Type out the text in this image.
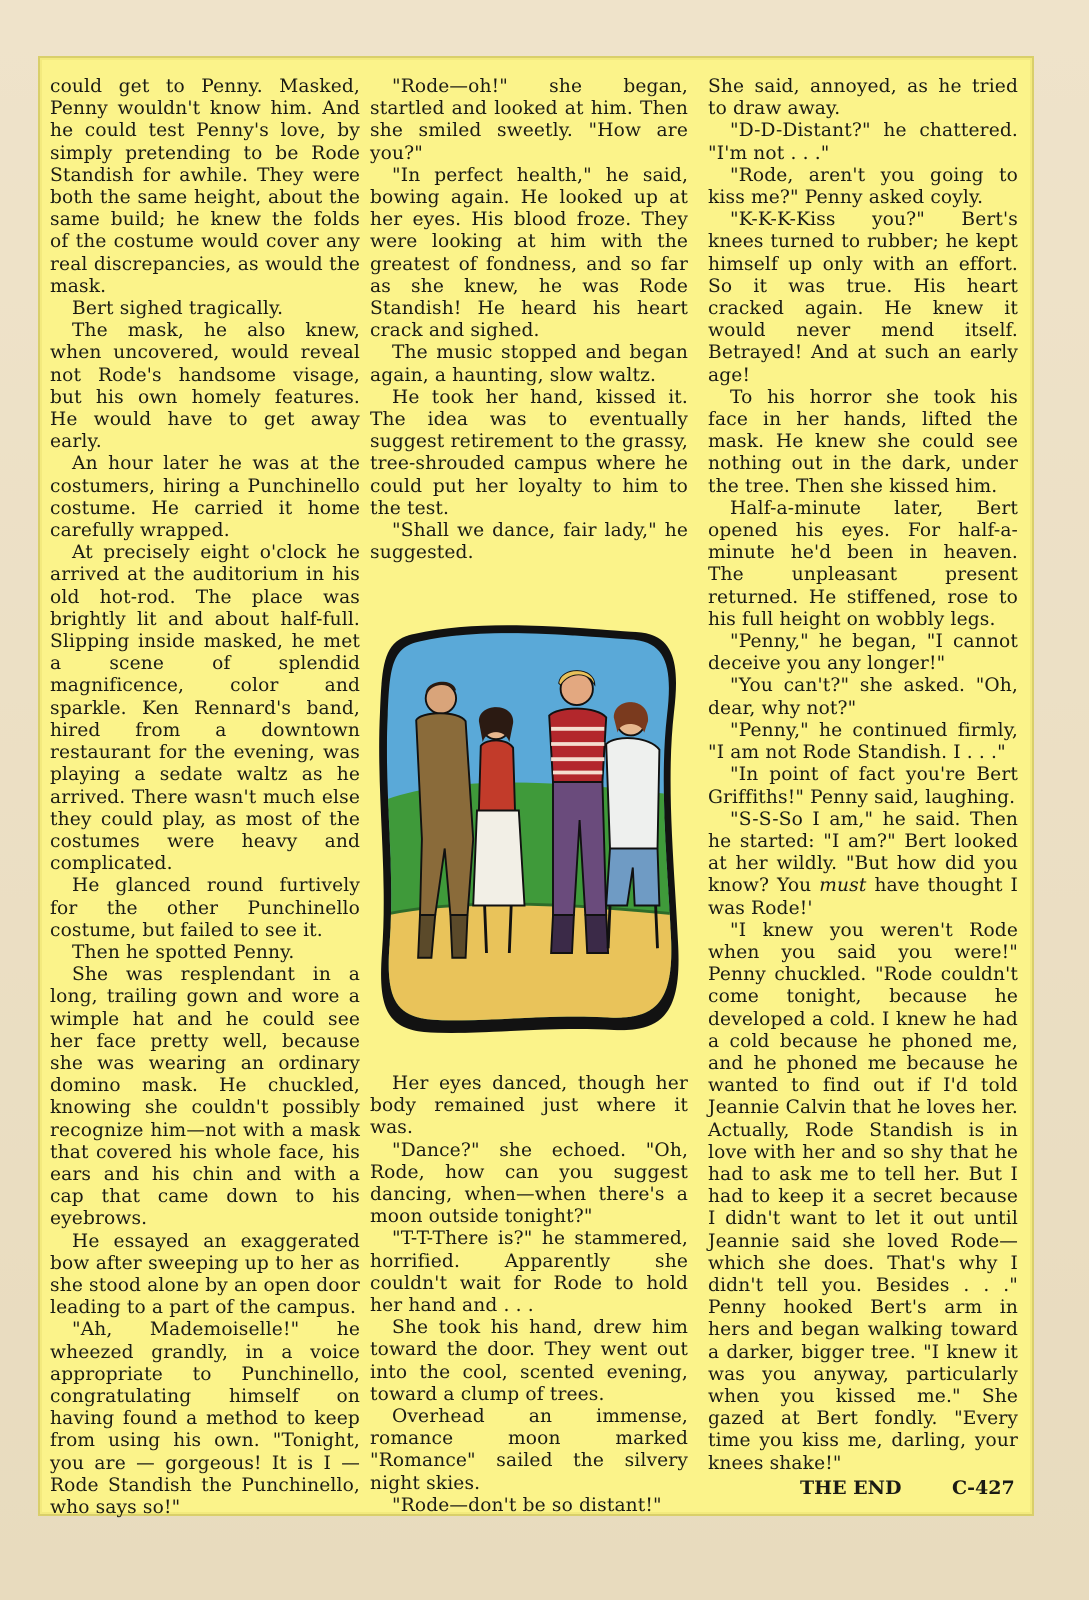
could get to Penny. Masked, Penny wouldn't know him. And he could test Penny's love, by simply pretending to be Rode Standish for awhile. They were both the same height, about the same build; he knew the folds of the costume would cover any real discrepancies, as would the mask.

Bert sighed tragically.

The mask, he also knew, when uncovered, would reveal not Rode's handsome visage, but his own homely features. He would have to get away early.

An hour later he was at the costumers, hiring a Punchinello costume. He carried it home carefully wrapped.

At precisely eight o'clock he arrived at the auditorium in his old hot-rod. The place was brightly lit and about half-full. Slipping inside masked, he met a scene of splendid magnificence, color and sparkle. Ken Rennard's band, hired from a downtown restaurant for the evening, was playing a sedate waltz as he arrived. There wasn't much else they could play, as most of the costumes were heavy and complicated.

He glanced round furtively for the other Punchinello costume, but failed to see it.

Then he spotted Penny.

She was resplendant in a long, trailing gown and wore a wimple hat and he could see her face pretty well, because she was wearing an ordinary domino mask. He chuckled, knowing she couldn't possibly recognize him—not with a mask that covered his whole face, his ears and his chin and with a cap that came down to his eyebrows.

He essayed an exaggerated bow after sweeping up to her as she stood alone by an open door leading to a part of the campus.

"Ah, Mademoiselle!" he wheezed grandly, in a voice appropriate to Punchinello, congratulating himself on having found a method to keep from using his own. "Tonight, you are — gorgeous! It is I — Rode Standish the Punchinello, who says so!"

"Rode—oh!" she began, startled and looked at him. Then she smiled sweetly. "How are you?"

"In perfect health," he said, bowing again. He looked up at her eyes. His blood froze. They were looking at him with the greatest of fondness, and so far as she knew, he was Rode Standish! He heard his heart crack and sighed.

The music stopped and began again, a haunting, slow waltz.

He took her hand, kissed it. The idea was to eventually suggest retirement to the grassy, tree-shrouded campus where he could put her loyalty to him to the test.

"Shall we dance, fair lady," he suggested.

Her eyes danced, though her body remained just where it was.

"Dance?" she echoed. "Oh, Rode, how can you suggest dancing, when—when there's a moon outside tonight?"

"T-T-There is?" he stammered, horrified. Apparently she couldn't wait for Rode to hold her hand and . . .

She took his hand, drew him toward the door. They went out into the cool, scented evening, toward a clump of trees.

Overhead an immense, romance moon marked "Romance" sailed the silvery night skies.

"Rode—don't be so distant!"

She said, annoyed, as he tried to draw away.

"D-D-Distant?" he chattered. "I'm not . . ."

"Rode, aren't you going to kiss me?" Penny asked coyly.

"K-K-K-Kiss you?" Bert's knees turned to rubber; he kept himself up only with an effort. So it was true. His heart cracked again. He knew it would never mend itself. Betrayed! And at such an early age!

To his horror she took his face in her hands, lifted the mask. He knew she could see nothing out in the dark, under the tree. Then she kissed him.

Half-a-minute later, Bert opened his eyes. For half-a-minute he'd been in heaven. The unpleasant present returned. He stiffened, rose to his full height on wobbly legs.

"Penny," he began, "I cannot deceive you any longer!"

"You can't?" she asked. "Oh, dear, why not?"

"Penny," he continued firmly, "I am not Rode Standish. I . . ."

"In point of fact you're Bert Griffiths!" Penny said, laughing.

"S-S-So I am," he said. Then he started: "I am?" Bert looked at her wildly. "But how did you know? You must have thought I was Rode!'

"I knew you weren't Rode when you said you were!" Penny chuckled. "Rode couldn't come tonight, because he developed a cold. I knew he had a cold because he phoned me, and he phoned me because he wanted to find out if I'd told Jeannie Calvin that he loves her. Actually, Rode Standish is in love with her and so shy that he had to ask me to tell her. But I had to keep it a secret because I didn't want to let it out until Jeannie said she loved Rode—which she does. That's why I didn't tell you. Besides . . ." Penny hooked Bert's arm in hers and began walking toward a darker, bigger tree. "I knew it was you anyway, particularly when you kissed me." She gazed at Bert fondly. "Every time you kiss me, darling, your knees shake!"

THE END	C-427
